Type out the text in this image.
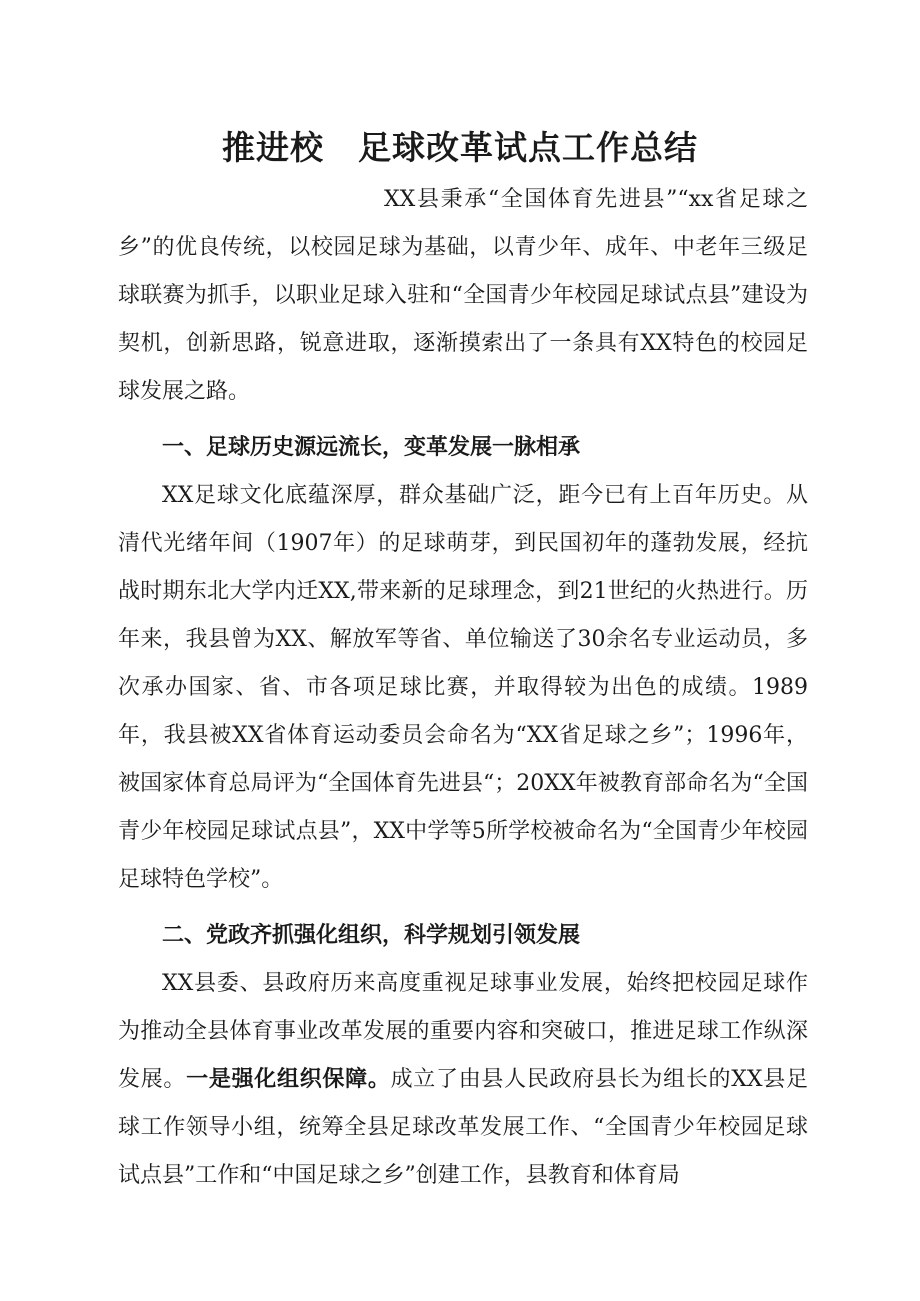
推进校 足球改革试点工作总结

XX县秉承“全国体育先进县”“xx省足球之乡”的优良传统，以校园足球为基础，以青少年、成年、中老年三级足球联赛为抓手，以职业足球入驻和“全国青少年校园足球试点县”建设为契机，创新思路，锐意进取，逐渐摸索出了一条具有XX特色的校园足球发展之路。

一、足球历史源远流长，变革发展一脉相承

XX足球文化底蕴深厚，群众基础广泛，距今已有上百年历史。从清代光绪年间（1907年）的足球萌芽，到民国初年的蓬勃发展，经抗战时期东北大学内迁XX,带来新的足球理念，到21世纪的火热进行。历年来，我县曾为XX、解放军等省、单位输送了30余名专业运动员，多次承办国家、省、市各项足球比赛，并取得较为出色的成绩。1989年，我县被XX省体育运动委员会命名为“XX省足球之乡”；1996年，被国家体育总局评为“全国体育先进县“；20XX年被教育部命名为“全国青少年校园足球试点县”，XX中学等5所学校被命名为“全国青少年校园足球特色学校”。

二、党政齐抓强化组织，科学规划引领发展

XX县委、县政府历来高度重视足球事业发展，始终把校园足球作为推动全县体育事业改革发展的重要内容和突破口，推进足球工作纵深发展。一是强化组织保障。成立了由县人民政府县长为组长的XX县足球工作领导小组，统筹全县足球改革发展工作、“全国青少年校园足球试点县”工作和“中国足球之乡”创建工作，县教育和体育局
